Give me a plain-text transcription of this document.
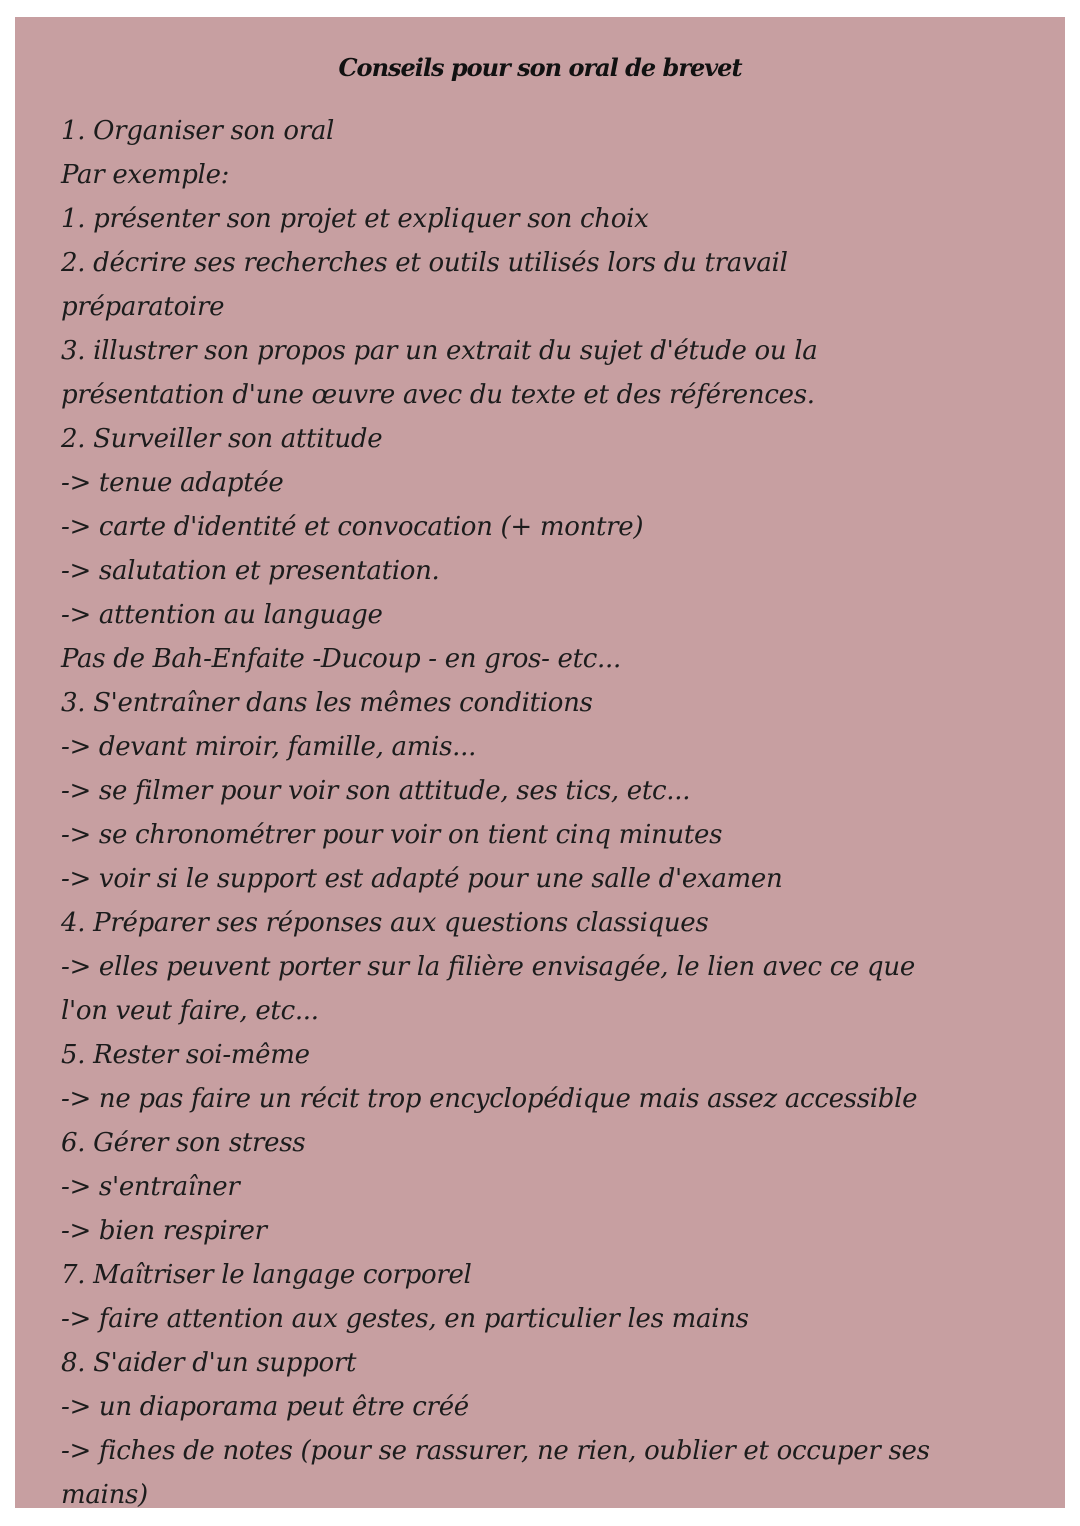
Conseils pour son oral de brevet
1. Organiser son oral
Par exemple:
1. présenter son projet et expliquer son choix
2. décrire ses recherches et outils utilisés lors du travail
préparatoire
3. illustrer son propos par un extrait du sujet d'étude ou la
présentation d'une œuvre avec du texte et des références.
2. Surveiller son attitude
-> tenue adaptée
-> carte d'identité et convocation (+ montre)
-> salutation et presentation.
-> attention au language
Pas de Bah-Enfaite -Ducoup - en gros- etc...
3. S'entraîner dans les mêmes conditions
-> devant miroir, famille, amis...
-> se filmer pour voir son attitude, ses tics, etc...
-> se chronométrer pour voir on tient cinq minutes
-> voir si le support est adapté pour une salle d'examen
4. Préparer ses réponses aux questions classiques
-> elles peuvent porter sur la filière envisagée, le lien avec ce que
l'on veut faire, etc...
5. Rester soi-même
-> ne pas faire un récit trop encyclopédique mais assez accessible
6. Gérer son stress
-> s'entraîner
-> bien respirer
7. Maîtriser le langage corporel
-> faire attention aux gestes, en particulier les mains
8. S'aider d'un support
-> un diaporama peut être créé
-> fiches de notes (pour se rassurer, ne rien, oublier et occuper ses
mains)
